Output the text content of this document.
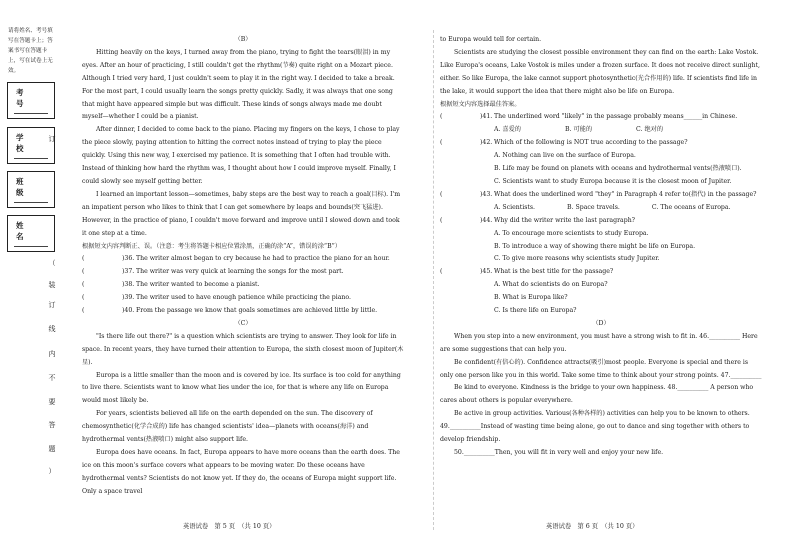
请将姓名、考号填写在答题卡上；答案书写在答题卡上，写在试卷上无效。
考 号
学 校
班 级
姓 名
（
订
装
订
线
内
不
要
答
题
）

（B）

Hitting heavily on the keys, I turned away from the piano, trying to fight the tears(眼泪) in my eyes. After an hour of practicing, I still couldn't get the rhythm(节奏) quite right on a Mozart piece. Although I tried very hard, I just couldn't seem to play it in the right way. I decided to take a break. For the most part, I could usually learn the songs pretty quickly. Sadly, it was always that one song that might have appeared simple but was difficult. These kinds of songs always made me doubt myself—whether I could be a pianist.

After dinner, I decided to come back to the piano. Placing my fingers on the keys, I chose to play the piece slowly, paying attention to hitting the correct notes instead of trying to play the piece quickly. Using this new way, I exercised my patience. It is something that I often had trouble with. Instead of thinking how hard the rhythm was, I thought about how I could improve myself. Finally, I could slowly see myself getting better.

I learned an important lesson—sometimes, baby steps are the best way to reach a goal(目标). I'm an impatient person who likes to think that I can get somewhere by leaps and bounds(突飞猛进). However, in the practice of piano, I couldn't move forward and improve until I slowed down and took it one step at a time.

根据短文内容判断正、误。（注意：考生将答题卡相应位置涂黑，正确的涂“A”，错误的涂“B”）

(	)36. The writer almost began to cry because he had to practice the piano for an hour.

(	)37. The writer was very quick at learning the songs for the most part.

(	)38. The writer wanted to become a pianist.

(	)39. The writer used to have enough patience while practicing the piano.

(	)40. From the passage we know that goals sometimes are achieved little by little.

（C）

"Is there life out there?" is a question which scientists are trying to answer. They look for life in space. In recent years, they have turned their attention to Europa, the sixth closest moon of Jupiter(木星).

Europa is a little smaller than the moon and is covered by ice. Its surface is too cold for anything to live there. Scientists want to know what lies under the ice, for that is where any life on Europa would most likely be.

For years, scientists believed all life on the earth depended on the sun. The discovery of chemosynthetic(化学合成的) life has changed scientists' idea—planets with oceans(海洋) and hydrothermal vents(热液喷口) might also support life.

Europa does have oceans. In fact, Europa appears to have more oceans than the earth does. The ice on this moon's surface covers what appears to be moving water. Do these oceans have hydrothermal vents? Scientists do not know yet. If they do, the oceans of Europa might support life. Only a space travel

英语试卷　第 5 页　（共 10 页）

to Europa would tell for certain.

Scientists are studying the closest possible environment they can find on the earth: Lake Vostok. Like Europa's oceans, Lake Vostok is miles under a frozen surface. It does not receive direct sunlight, either. So like Europa, the lake cannot support photosynthetic(光合作用的) life. If scientists find life in the lake, it would support the idea that there might also be life on Europa.

根据短文内容选择最佳答案。

(	)41. The underlined word "likely" in the passage probably means______in Chinese.

A. 喜爱的	B. 可能的	C. 绝对的

(	)42. Which of the following is NOT true according to the passage?

A. Nothing can live on the surface of Europa.

B. Life may be found on planets with oceans and hydrothermal vents(热液喷口).

C. Scientists want to study Europa because it is the closest moon of Jupiter.

(	)43. What does the underlined word "they" in Paragraph 4 refer to(指代) in the passage?

A. Scientists.	B. Space travels.	C. The oceans of Europa.

(	)44. Why did the writer write the last paragraph?

A. To encourage more scientists to study Europa.

B. To introduce a way of showing there might be life on Europa.

C. To give more reasons why scientists study Jupiter.

(	)45. What is the best title for the passage?

A. What do scientists do on Europa?

B. What is Europa like?

C. Is there life on Europa?

（D）

When you step into a new environment, you must have a strong wish to fit in. 46.__________ Here are some suggestions that can help you.

Be confident(有信心的). Confidence attracts(吸引)most people. Everyone is special and there is only one person like you in this world. Take some time to think about your strong points. 47.__________

Be kind to everyone. Kindness is the bridge to your own happiness. 48.__________ A person who cares about others is popular everywhere.

Be active in group activities. Various(各种各样的) activities can help you to be known to others. 49.__________Instead of wasting time being alone, go out to dance and sing together with others to develop friendship.

50.__________Then, you will fit in very well and enjoy your new life.

英语试卷　第 6 页　（共 10 页）
